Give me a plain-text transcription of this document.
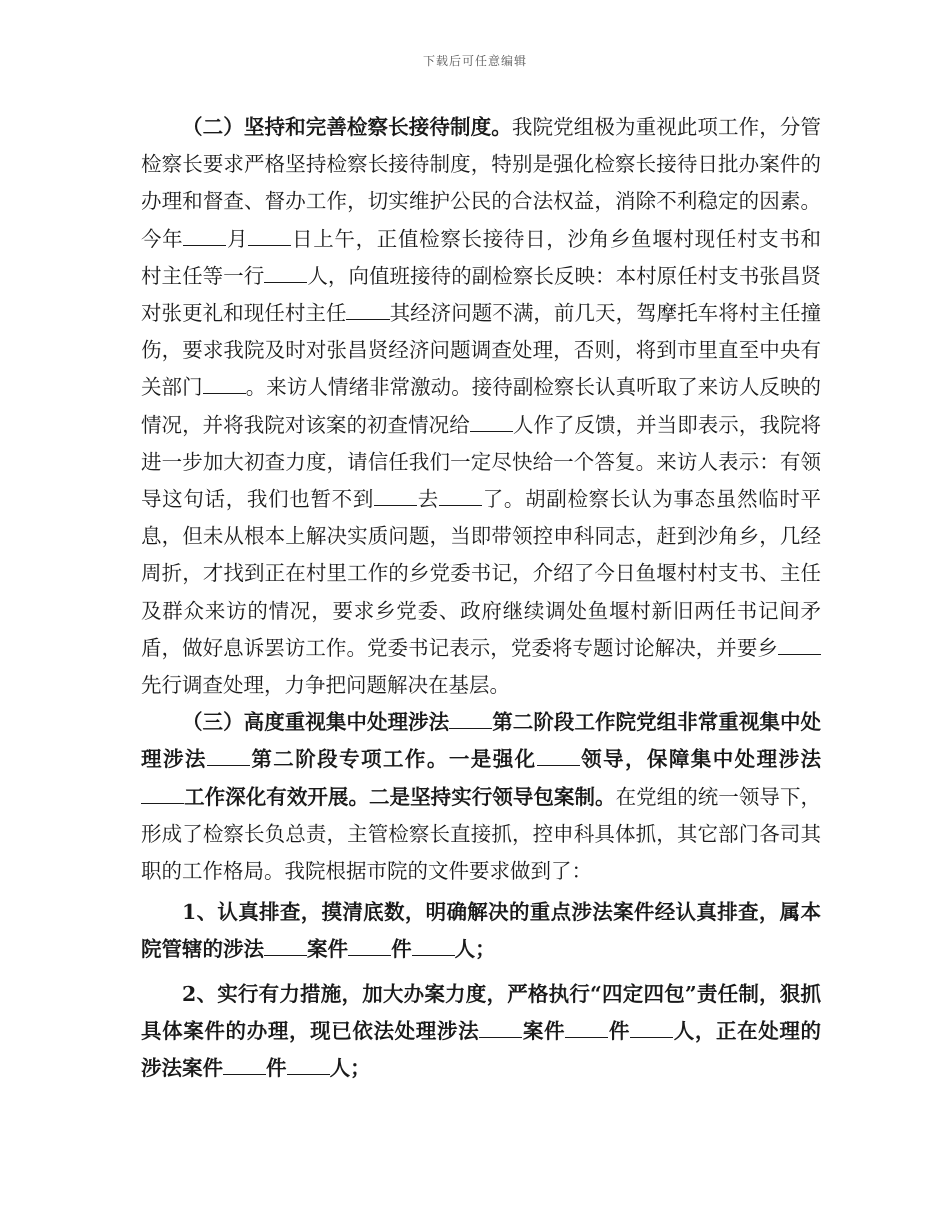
下载后可任意编辑

（二）坚持和完善检察长接待制度。我院党组极为重视此项工作，分管检察长要求严格坚持检察长接待制度，特别是强化检察长接待日批办案件的办理和督查、督办工作，切实维护公民的合法权益，消除不利稳定的因素。今年 月 日上午，正值检察长接待日，沙角乡鱼堰村现任村支书和村主任等一行 人，向值班接待的副检察长反映：本村原任村支书张昌贤对张更礼和现任村主任 其经济问题不满，前几天，驾摩托车将村主任撞伤，要求我院及时对张昌贤经济问题调查处理，否则，将到市里直至中央有关部门 。来访人情绪非常激动。接待副检察长认真听取了来访人反映的情况，并将我院对该案的初查情况给 人作了反馈，并当即表示，我院将进一步加大初查力度，请信任我们一定尽快给一个答复。来访人表示：有领导这句话，我们也暂不到 去 了。胡副检察长认为事态虽然临时平息，但未从根本上解决实质问题，当即带领控申科同志，赶到沙角乡，几经周折，才找到正在村里工作的乡党委书记，介绍了今日鱼堰村村支书、主任及群众来访的情况，要求乡党委、政府继续调处鱼堰村新旧两任书记间矛盾，做好息诉罢访工作。党委书记表示，党委将专题讨论解决，并要乡先行调查处理，力争把问题解决在基层。

（三）高度重视集中处理涉法 第二阶段工作院党组非常重视集中处理涉法 第二阶段专项工作。一是强化 领导，保障集中处理涉法工作深化有效开展。二是坚持实行领导包案制。在党组的统一领导下，形成了检察长负总责，主管检察长直接抓，控申科具体抓，其它部门各司其职的工作格局。我院根据市院的文件要求做到了：

1、认真排查，摸清底数，明确解决的重点涉法案件经认真排查，属本院管辖的涉法 案件 件 人；

2、实行有力措施，加大办案力度，严格执行“四定四包”责任制，狠抓具体案件的办理，现已依法处理涉法 案件 件 人，正在处理的涉法案件 件 人；
